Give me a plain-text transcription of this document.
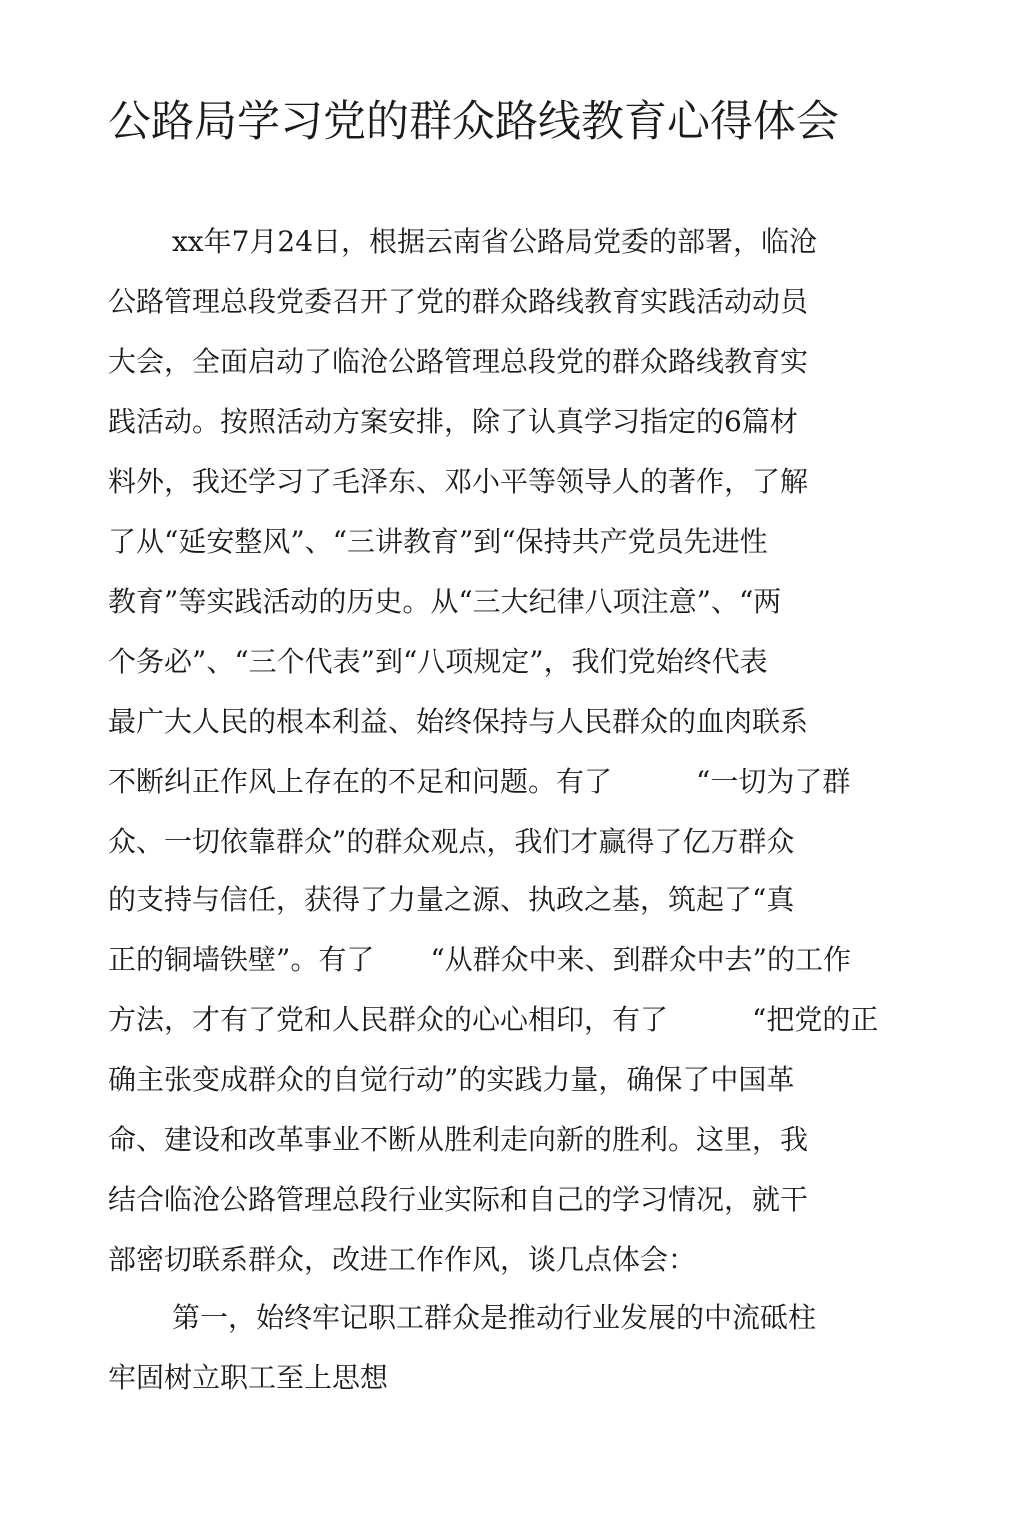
公路局学习党的群众路线教育心得体会
xx年7月24日，根据云南省公路局党委的部署，临沧
公路管理总段党委召开了党的群众路线教育实践活动动员
大会，全面启动了临沧公路管理总段党的群众路线教育实
践活动。按照活动方案安排，除了认真学习指定的6篇材
料外，我还学习了毛泽东、邓小平等领导人的著作，了解
了从“延安整风”、“三讲教育”到“保持共产党员先进性
教育”等实践活动的历史。从“三大纪律八项注意”、“两
个务必”、“三个代表”到“八项规定”，我们党始终代表
最广大人民的根本利益、始终保持与人民群众的血肉联系
不断纠正作风上存在的不足和问题。有了　　　“一切为了群
众、一切依靠群众”的群众观点，我们才赢得了亿万群众
的支持与信任，获得了力量之源、执政之基，筑起了“真
正的铜墙铁壁”。有了　　“从群众中来、到群众中去”的工作
方法，才有了党和人民群众的心心相印，有了　　　“把党的正
确主张变成群众的自觉行动”的实践力量，确保了中国革
命、建设和改革事业不断从胜利走向新的胜利。这里，我
结合临沧公路管理总段行业实际和自己的学习情况，就干
部密切联系群众，改进工作作风，谈几点体会：
第一，始终牢记职工群众是推动行业发展的中流砥柱
牢固树立职工至上思想
